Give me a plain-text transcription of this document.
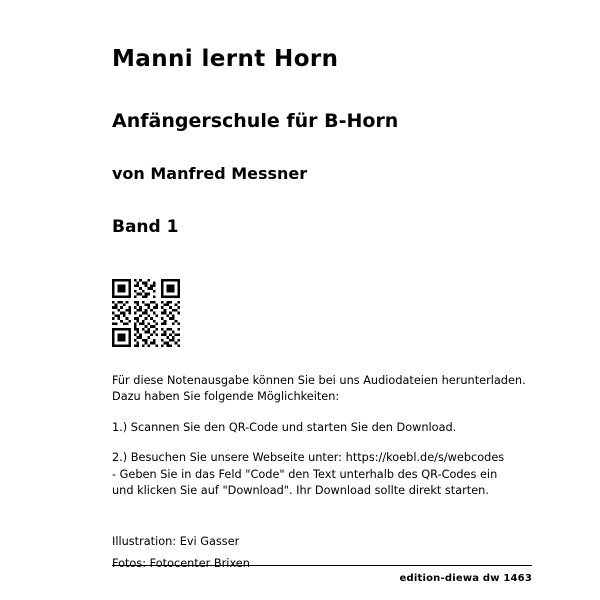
Manni lernt Horn
Anfängerschule für B-Horn
von Manfred Messner
Band 1

Für diese Notenausgabe können Sie bei uns Audiodateien herunterladen.

Dazu haben Sie folgende Möglichkeiten:

1.) Scannen Sie den QR-Code und starten Sie den Download.

2.) Besuchen Sie unsere Webseite unter: https://koebl.de/s/webcodes

- Geben Sie in das Feld "Code" den Text unterhalb des QR-Codes ein

und klicken Sie auf "Download". Ihr Download sollte direkt starten.

Illustration: Evi Gasser
Fotos: Fotocenter Brixen
edition-diewa dw 1463
